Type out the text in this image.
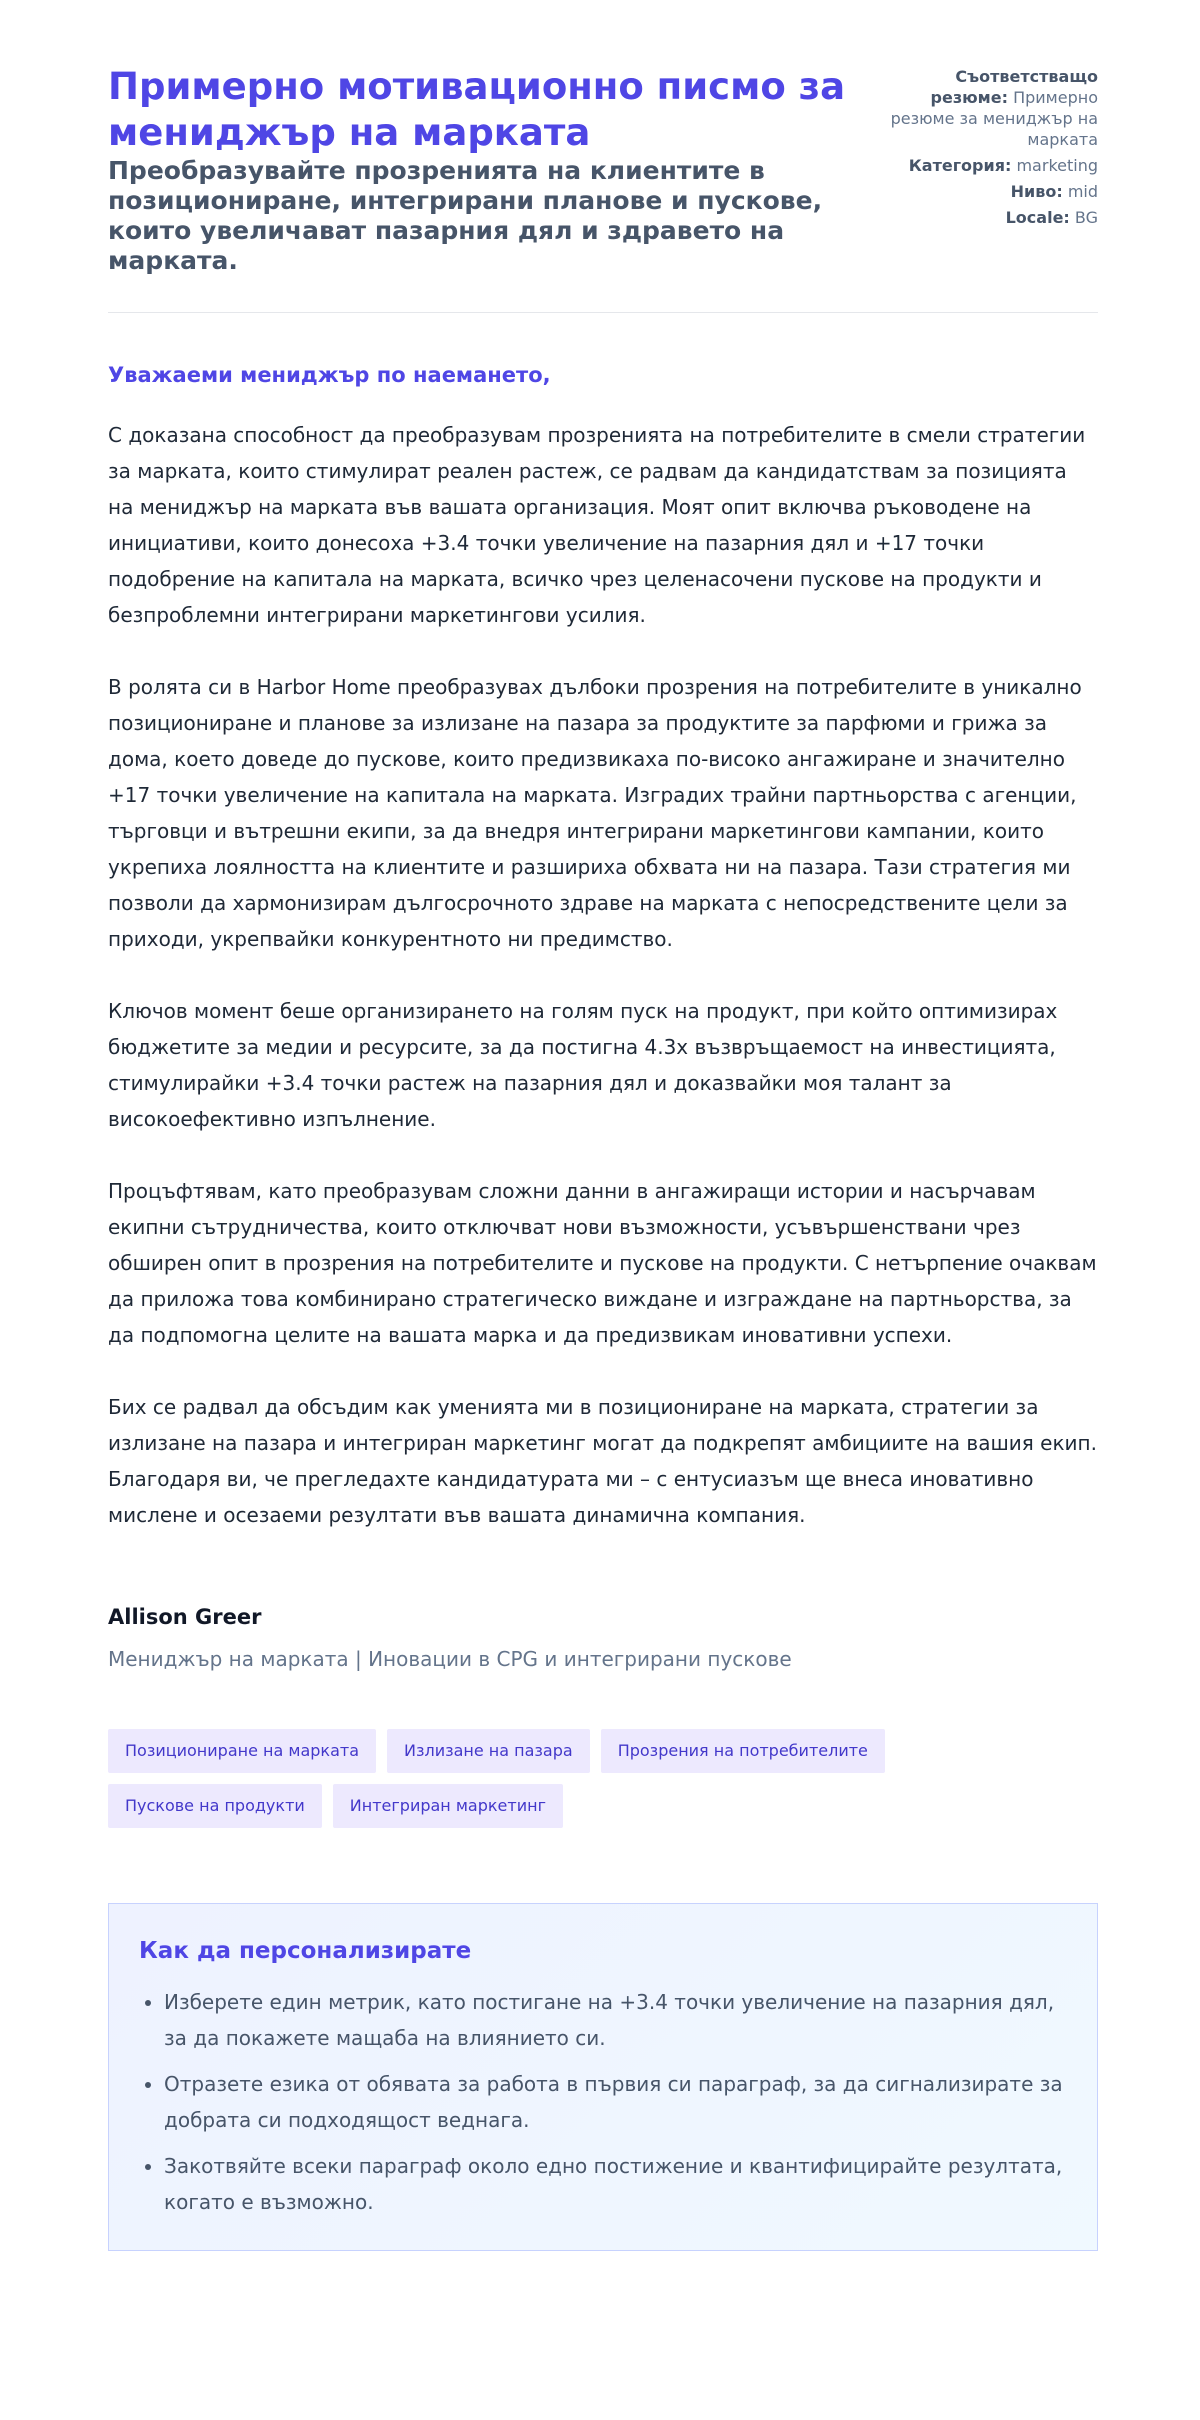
Примерно мотивационно писмо за мениджър на марката
Преобразувайте прозренията на клиентите в позициониране, интегрирани планове и пускове, които увеличават пазарния дял и здравето на марката.
Съответстващо резюме: Примерно резюме за мениджър на марката
Категория: marketing
Ниво: mid
Locale: BG

Уважаеми мениджър по наемането,

С доказана способност да преобразувам прозренията на потребителите в смели стратегии за марката, които стимулират реален растеж, се радвам да кандидатствам за позицията на мениджър на марката във вашата организация. Моят опит включва ръководене на инициативи, които донесоха +3.4 точки увеличение на пазарния дял и +17 точки подобрение на капитала на марката, всичко чрез целенасочени пускове на продукти и безпроблемни интегрирани маркетингови усилия.

В ролята си в Harbor Home преобразувах дълбоки прозрения на потребителите в уникално позициониране и планове за излизане на пазара за продуктите за парфюми и грижа за дома, което доведе до пускове, които предизвикаха по-високо ангажиране и значително +17 точки увеличение на капитала на марката. Изградих трайни партньорства с агенции, търговци и вътрешни екипи, за да внедря интегрирани маркетингови кампании, които укрепиха лоялността на клиентите и разшириха обхвата ни на пазара. Тази стратегия ми позволи да хармонизирам дългосрочното здраве на марката с непосредствените цели за приходи, укрепвайки конкурентното ни предимство.

Ключов момент беше организирането на голям пуск на продукт, при който оптимизирах бюджетите за медии и ресурсите, за да постигна 4.3x възвръщаемост на инвестицията, стимулирайки +3.4 точки растеж на пазарния дял и доказвайки моя талант за високоефективно изпълнение.

Процъфтявам, като преобразувам сложни данни в ангажиращи истории и насърчавам екипни сътрудничества, които отключват нови възможности, усъвършенствани чрез обширен опит в прозрения на потребителите и пускове на продукти. С нетърпение очаквам да приложа това комбинирано стратегическо виждане и изграждане на партньорства, за да подпомогна целите на вашата марка и да предизвикам иновативни успехи.

Бих се радвал да обсъдим как уменията ми в позициониране на марката, стратегии за излизане на пазара и интегриран маркетинг могат да подкрепят амбициите на вашия екип. Благодаря ви, че прегледахте кандидатурата ми – с ентусиазъм ще внеса иновативно мислене и осезаеми резултати във вашата динамична компания.

Allison Greer
Мениджър на марката | Иновации в CPG и интегрирани пускове
Позициониране на марката	Излизане на пазара	Прозрения на потребителите
Пускове на продукти	Интегриран маркетинг
Как да персонализирате
• Изберете един метрик, като постигане на +3.4 точки увеличение на пазарния дял, за да покажете мащаба на влиянието си.
• Отразете езика от обявата за работа в първия си параграф, за да сигнализирате за добрата си подходящост веднага.
• Закотвяйте всеки параграф около едно постижение и квантифицирайте резултата, когато е възможно.
